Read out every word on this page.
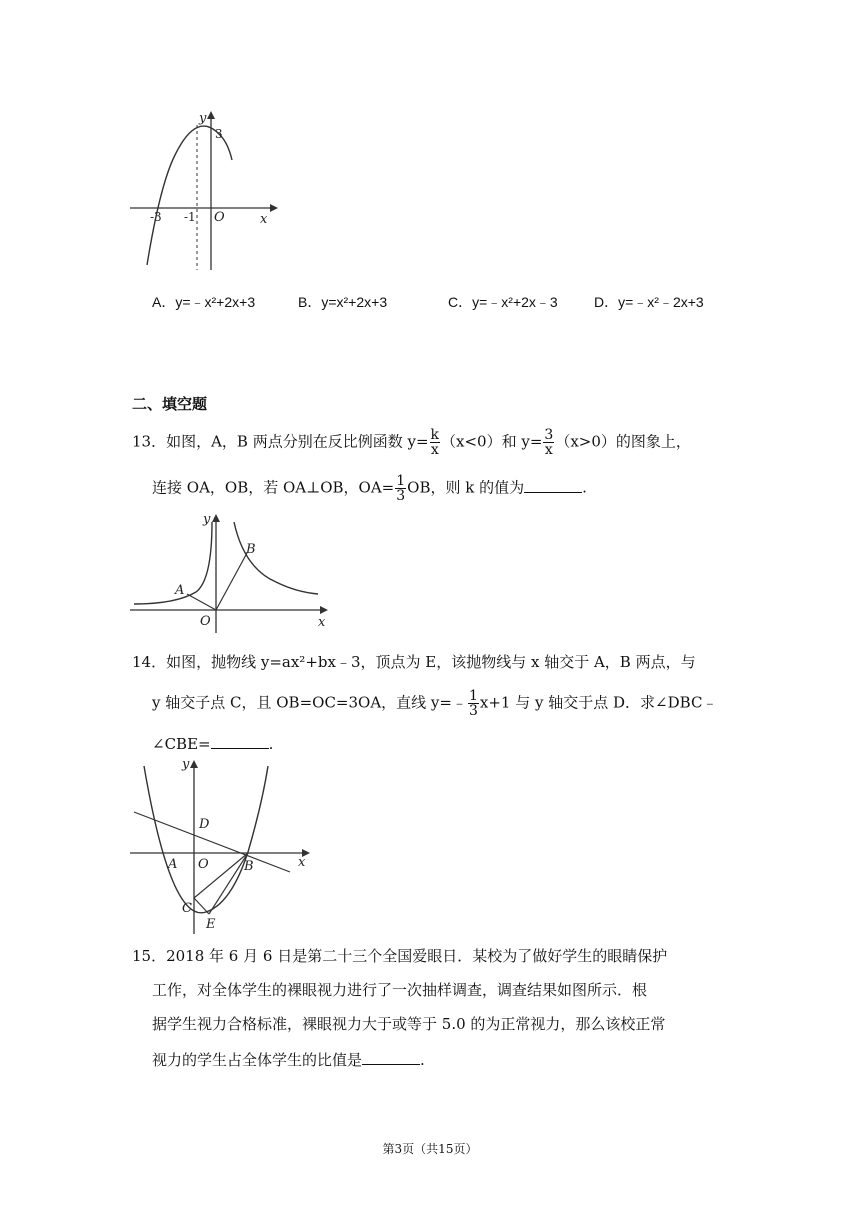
y
3
-3 -1 O	x
A．y=﹣x²+2x+3	B．y=x²+2x+3	C．y=﹣x²+2x﹣3	D．y=﹣x²﹣2x+3
二、填空题
13．如图，A，B 两点分别在反比例函数 $y= \frac{k}{x} (x<0)$和 $y= \frac{3}{x} (x>0)$的图象上，
连接 OA，OB，若 OA⊥OB，$OA= \frac{1}{3}$ OB，则 k 的值为	.
y
A
B
O	x
14．如图，抛物线 y=ax²+bx﹣3，顶点为 E，该抛物线与 x 轴交于 A，B 两点，与
y 轴交子点 C，且 OB=OC=3OA，直线 y=﹣ $\frac{1}{3} x+1$ 与 y 轴交于点 D．求∠DBC﹣
∠CBE=	.
y
D
A O	B	x
C
E
15．2018 年 6 月 6 日是第二十三个全国爱眼日．某校为了做好学生的眼睛保护
工作，对全体学生的裸眼视力进行了一次抽样调查，调查结果如图所示．根
据学生视力合格标准，裸眼视力大于或等于 5.0 的为正常视力，那么该校正常
视力的学生占全体学生的比值是	.
第3页（共15页）
